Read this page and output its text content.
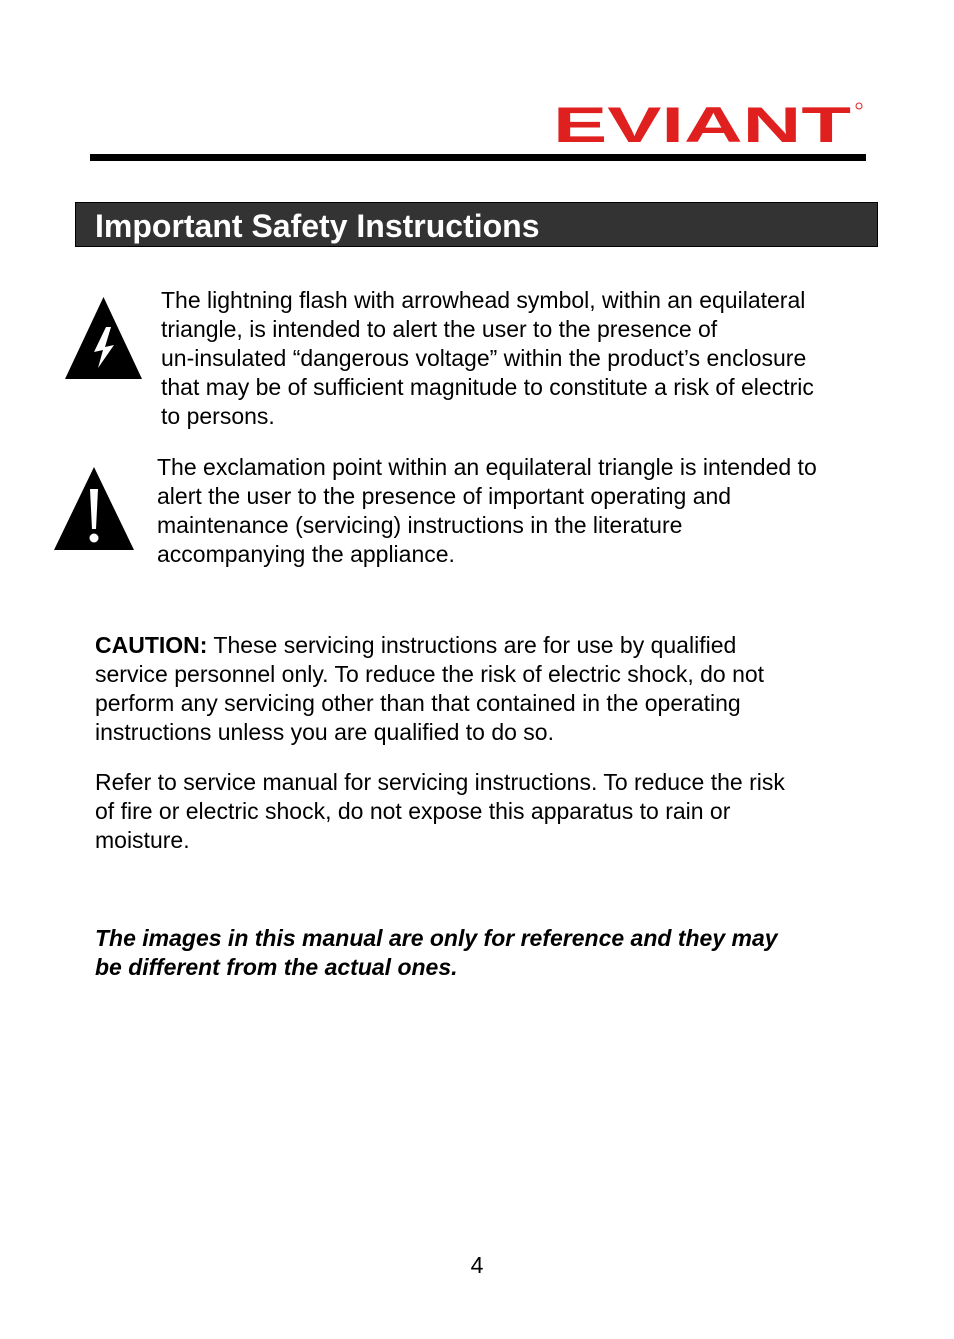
EVIANT
Important Safety Instructions
The lightning flash with arrowhead symbol, within an equilateral
triangle, is intended to alert the user to the presence of
un-insulated “dangerous voltage” within the product’s enclosure
that may be of sufficient magnitude to constitute a risk of electric
to persons.
The exclamation point within an equilateral triangle is intended to
alert the user to the presence of important operating and
maintenance (servicing) instructions in the literature
accompanying the appliance.
CAUTION: These servicing instructions are for use by qualified
service personnel only. To reduce the risk of electric shock, do not
perform any servicing other than that contained in the operating
instructions unless you are qualified to do so.
Refer to service manual for servicing instructions. To reduce the risk
of fire or electric shock, do not expose this apparatus to rain or
moisture.
The images in this manual are only for reference and they may
be different from the actual ones.
4
